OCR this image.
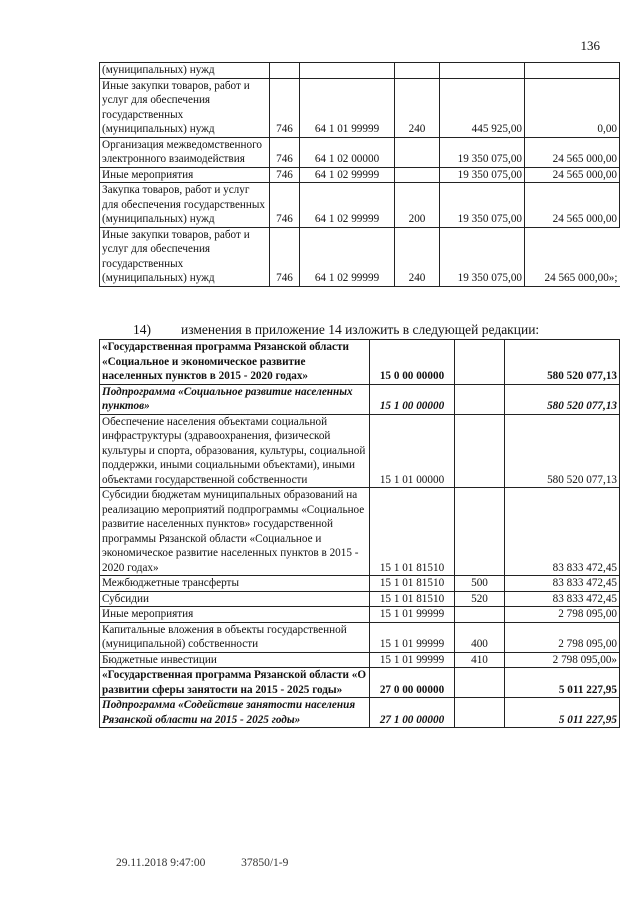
136
(муниципальных) нужд					
Иные закупки товаров, работ и услуг для обеспечения государственных (муниципальных) нужд	746	64 1 01 99999	240	445 925,00	0,00
Организация межведомственного электронного взаимодействия	746	64 1 02 00000		19 350 075,00	24 565 000,00
Иные мероприятия	746	64 1 02 99999		19 350 075,00	24 565 000,00
Закупка товаров, работ и услуг для обеспечения государственных (муниципальных) нужд	746	64 1 02 99999	200	19 350 075,00	24 565 000,00
Иные закупки товаров, работ и услуг для обеспечения государственных (муниципальных) нужд	746	64 1 02 99999	240	19 350 075,00	24 565 000,00»;
14) изменения в приложение 14 изложить в следующей редакции:
«Государственная программа Рязанской области «Социальное и экономическое развитие населенных пунктов в 2015 - 2020 годах»	15 0 00 00000		580 520 077,13
Подпрограмма «Социальное развитие населенных пунктов»	15 1 00 00000		580 520 077,13
Обеспечение населения объектами социальной инфраструктуры (здравоохранения, физической культуры и спорта, образования, культуры, социальной поддержки, иными социальными объектами), иными объектами государственной собственности	15 1 01 00000		580 520 077,13
Субсидии бюджетам муниципальных образований на реализацию мероприятий подпрограммы «Социальное развитие населенных пунктов» государственной программы Рязанской области «Социальное и экономическое развитие населенных пунктов в 2015 - 2020 годах»	15 1 01 81510		83 833 472,45
Межбюджетные трансферты	15 1 01 81510	500	83 833 472,45
Субсидии	15 1 01 81510	520	83 833 472,45
Иные мероприятия	15 1 01 99999		2 798 095,00
Капитальные вложения в объекты государственной (муниципальной) собственности	15 1 01 99999	400	2 798 095,00
Бюджетные инвестиции	15 1 01 99999	410	2 798 095,00»
«Государственная программа Рязанской области «О развитии сферы занятости на 2015 - 2025 годы»	27 0 00 00000		5 011 227,95
Подпрограмма «Содействие занятости населения Рязанской области на 2015 - 2025 годы»	27 1 00 00000		5 011 227,95
29.11.2018 9:47:00	37850/1-9
